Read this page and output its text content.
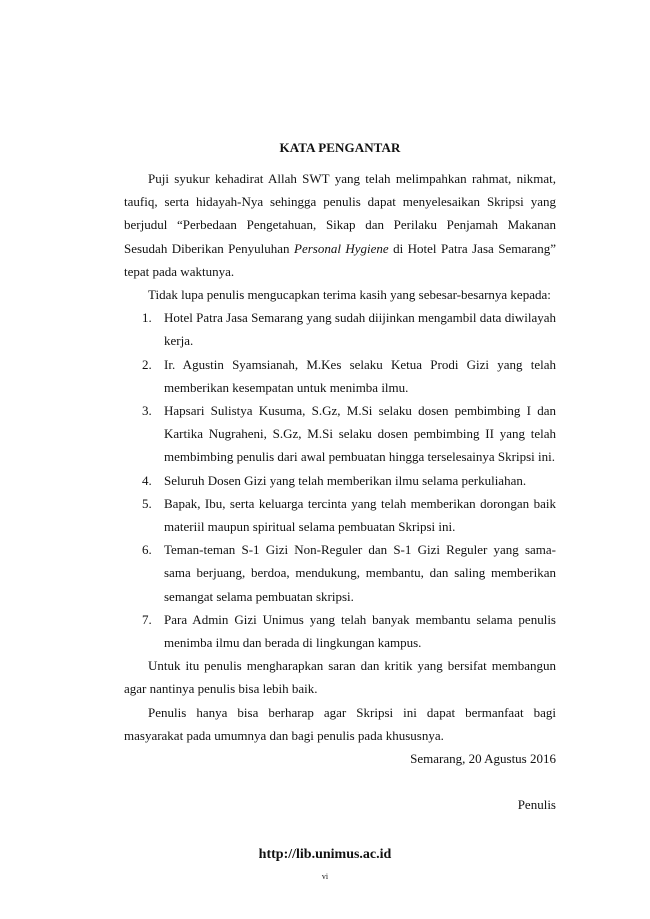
KATA PENGANTAR

Puji syukur kehadirat Allah SWT yang telah melimpahkan rahmat, nikmat, taufiq, serta hidayah-Nya sehingga penulis dapat menyelesaikan Skripsi yang berjudul “Perbedaan Pengetahuan, Sikap dan Perilaku Penjamah Makanan Sesudah Diberikan Penyuluhan Personal Hygiene di Hotel Patra Jasa Semarang” tepat pada waktunya.

Tidak lupa penulis mengucapkan terima kasih yang sebesar-besarnya kepada:

1. Hotel Patra Jasa Semarang yang sudah diijinkan mengambil data diwilayah kerja.
2. Ir. Agustin Syamsianah, M.Kes selaku Ketua Prodi Gizi yang telah memberikan kesempatan untuk menimba ilmu.
3. Hapsari Sulistya Kusuma, S.Gz, M.Si selaku dosen pembimbing I dan Kartika Nugraheni, S.Gz, M.Si selaku dosen pembimbing II yang telah membimbing penulis dari awal pembuatan hingga terselesainya Skripsi ini.
4. Seluruh Dosen Gizi yang telah memberikan ilmu selama perkuliahan.
5. Bapak, Ibu, serta keluarga tercinta yang telah memberikan dorongan baik materiil maupun spiritual selama pembuatan Skripsi ini.
6. Teman-teman S-1 Gizi Non-Reguler dan S-1 Gizi Reguler yang sama-sama berjuang, berdoa, mendukung, membantu, dan saling memberikan semangat selama pembuatan skripsi.
7. Para Admin Gizi Unimus yang telah banyak membantu selama penulis menimba ilmu dan berada di lingkungan kampus.

Untuk itu penulis mengharapkan saran dan kritik yang bersifat membangun agar nantinya penulis bisa lebih baik.

Penulis hanya bisa berharap agar Skripsi ini dapat bermanfaat bagi masyarakat pada umumnya dan bagi penulis pada khususnya.

Semarang, 20 Agustus 2016

Penulis

http://lib.unimus.ac.id
vi
